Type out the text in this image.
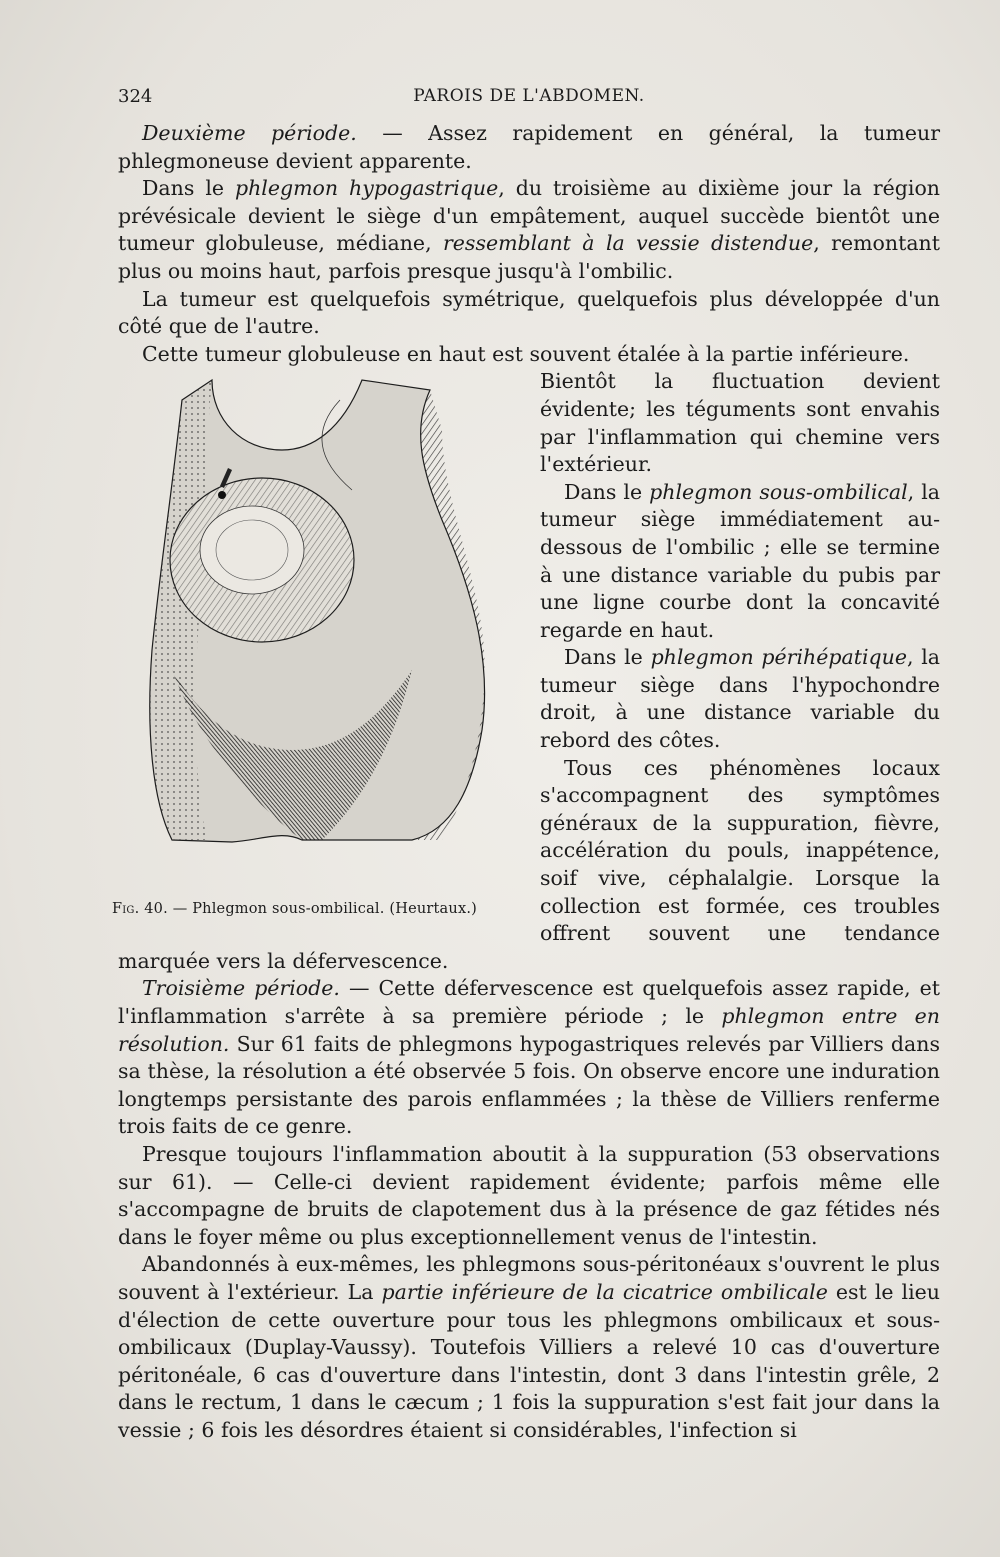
324	PAROIS DE L'ABDOMEN.

Deuxième période. — Assez rapidement en général, la tumeur phlegmoneuse devient apparente.

Dans le phlegmon hypogastrique, du troisième au dixième jour la région prévésicale devient le siège d'un empâtement, auquel succède bientôt une tumeur globuleuse, médiane, ressemblant à la vessie distendue, remontant plus ou moins haut, parfois presque jusqu'à l'ombilic.

La tumeur est quelquefois symétrique, quelquefois plus développée d'un côté que de l'autre.

Cette tumeur globuleuse en haut est souvent étalée à la partie inférieure.

Fig. 40. — Phlegmon sous-ombilical. (Heurtaux.)

Bientôt la fluctuation devient évidente; les téguments sont envahis par l'inflammation qui chemine vers l'extérieur.

Dans le phlegmon sous-ombilical, la tumeur siège immédiatement au-dessous de l'ombilic ; elle se termine à une distance variable du pubis par une ligne courbe dont la concavité regarde en haut.

Dans le phlegmon périhépatique, la tumeur siège dans l'hypochondre droit, à une distance variable du rebord des côtes.

Tous ces phénomènes locaux s'accompagnent des symptômes généraux de la suppuration, fièvre, accélération du pouls, inappétence, soif vive, céphalalgie. Lorsque la collection est formée, ces troubles offrent souvent une tendance marquée vers la défervescence.

Troisième période. — Cette défervescence est quelquefois assez rapide, et l'inflammation s'arrête à sa première période ; le phlegmon entre en résolution. Sur 61 faits de phlegmons hypogastriques relevés par Villiers dans sa thèse, la résolution a été observée 5 fois. On observe encore une induration longtemps persistante des parois enflammées ; la thèse de Villiers renferme trois faits de ce genre.

Presque toujours l'inflammation aboutit à la suppuration (53 observations sur 61). — Celle-ci devient rapidement évidente; parfois même elle s'accompagne de bruits de clapotement dus à la présence de gaz fétides nés dans le foyer même ou plus exceptionnellement venus de l'intestin.

Abandonnés à eux-mêmes, les phlegmons sous-péritonéaux s'ouvrent le plus souvent à l'extérieur. La partie inférieure de la cicatrice ombilicale est le lieu d'élection de cette ouverture pour tous les phlegmons ombilicaux et sous-ombilicaux (Duplay-Vaussy). Toutefois Villiers a relevé 10 cas d'ouverture péritonéale, 6 cas d'ouverture dans l'intestin, dont 3 dans l'intestin grêle, 2 dans le rectum, 1 dans le cæcum ; 1 fois la suppuration s'est fait jour dans la vessie ; 6 fois les désordres étaient si considérables, l'infection si
